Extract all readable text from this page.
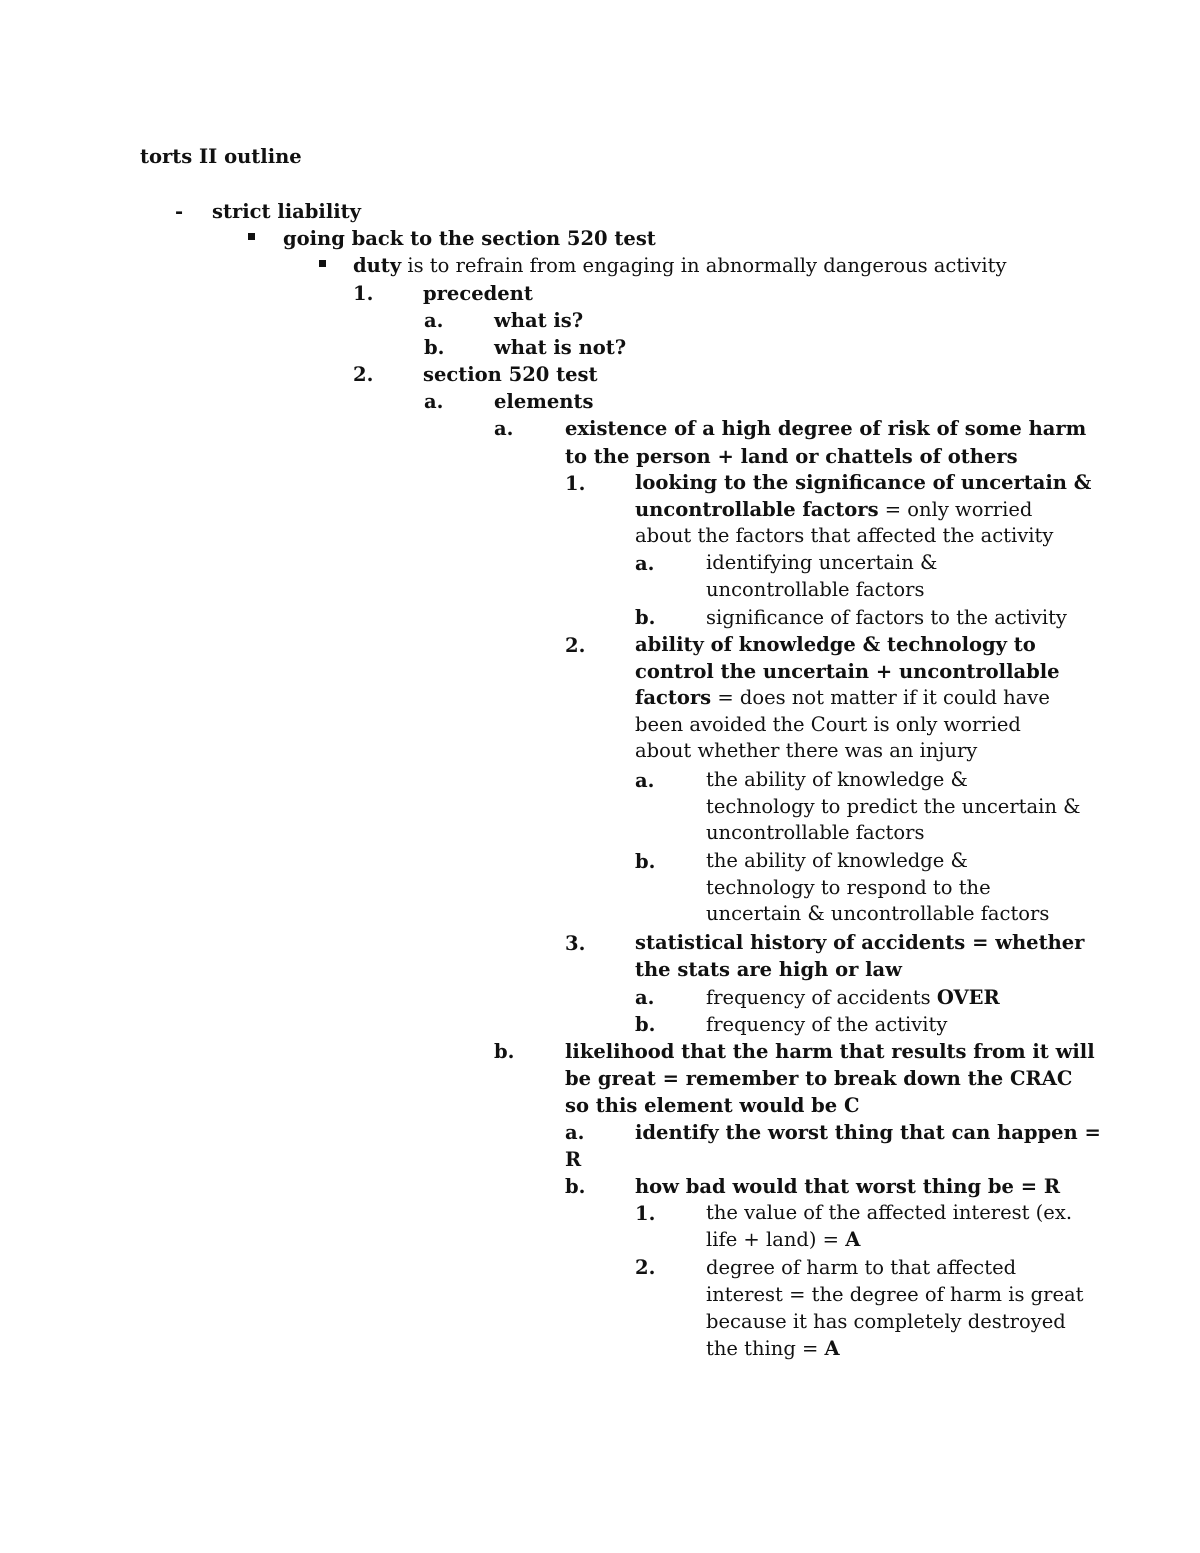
torts II outline
- strict liability
going back to the section 520 test
duty is to refrain from engaging in abnormally dangerous activity
1.	precedent
a.	what is?
b.	what is not?
2.	section 520 test
a.	elements
a.	existence of a high degree of risk of some harm
to the person + land or chattels of others
1.	looking to the significance of uncertain &
uncontrollable factors = only worried
about the factors that affected the activity
a.	identifying uncertain &
uncontrollable factors
b.	significance of factors to the activity
2.	ability of knowledge & technology to
control the uncertain + uncontrollable
factors = does not matter if it could have
been avoided the Court is only worried
about whether there was an injury
a.	the ability of knowledge &
technology to predict the uncertain &
uncontrollable factors
b.	the ability of knowledge &
technology to respond to the
uncertain & uncontrollable factors
3.	statistical history of accidents = whether
the stats are high or law
a.	frequency of accidents OVER
b.	frequency of the activity
b.	likelihood that the harm that results from it will
be great = remember to break down the CRAC
so this element would be C
a.	identify the worst thing that can happen =
R
b.	how bad would that worst thing be = R
1.	the value of the affected interest (ex.
life + land) = A
2.	degree of harm to that affected
interest = the degree of harm is great
because it has completely destroyed
the thing = A
